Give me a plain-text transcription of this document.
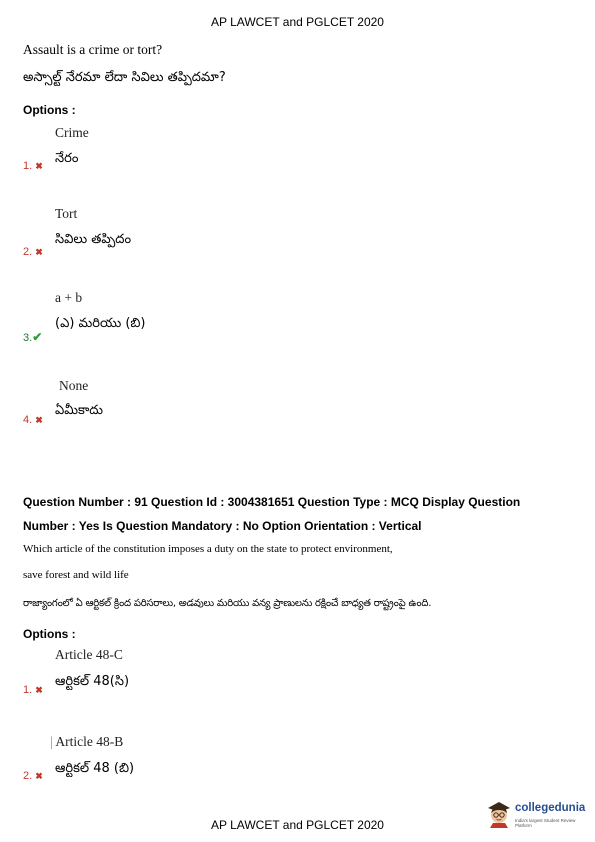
AP LAWCET and PGLCET 2020
Assault is a crime or tort?
అస్సాల్ట్ నేరమా లేదా సివిలు తప్పిదమా?
Options :
Crime
1. ✖ నేరం
Tort
2. ✖
సివిలు తప్పిదం
a + b
3.✔
(ఎ) మరియు (బి)
None
4. ✖
ఏమీకాదు
Question Number : 91 Question Id : 3004381651 Question Type : MCQ Display Question
Number : Yes Is Question Mandatory : No Option Orientation : Vertical
Which article of the constitution imposes a duty on the state to protect environment,
save forest and wild life
రాజ్యాంగంలో ఏ ఆర్టికల్ క్రింద పరిసరాలు, అడవులు మరియు వన్య ప్రాణులను రక్షించే బాధ్యత రాష్ట్రంపై ఉంది.
Options :
Article 48-C
1. ✖
ఆర్టికల్ 48(సి)
| Article 48-B
2. ✖ ఆర్టికల్ 48 (బి)
AP LAWCET and PGLCET 2020
collegedunia
India's largest Student Review Platform
